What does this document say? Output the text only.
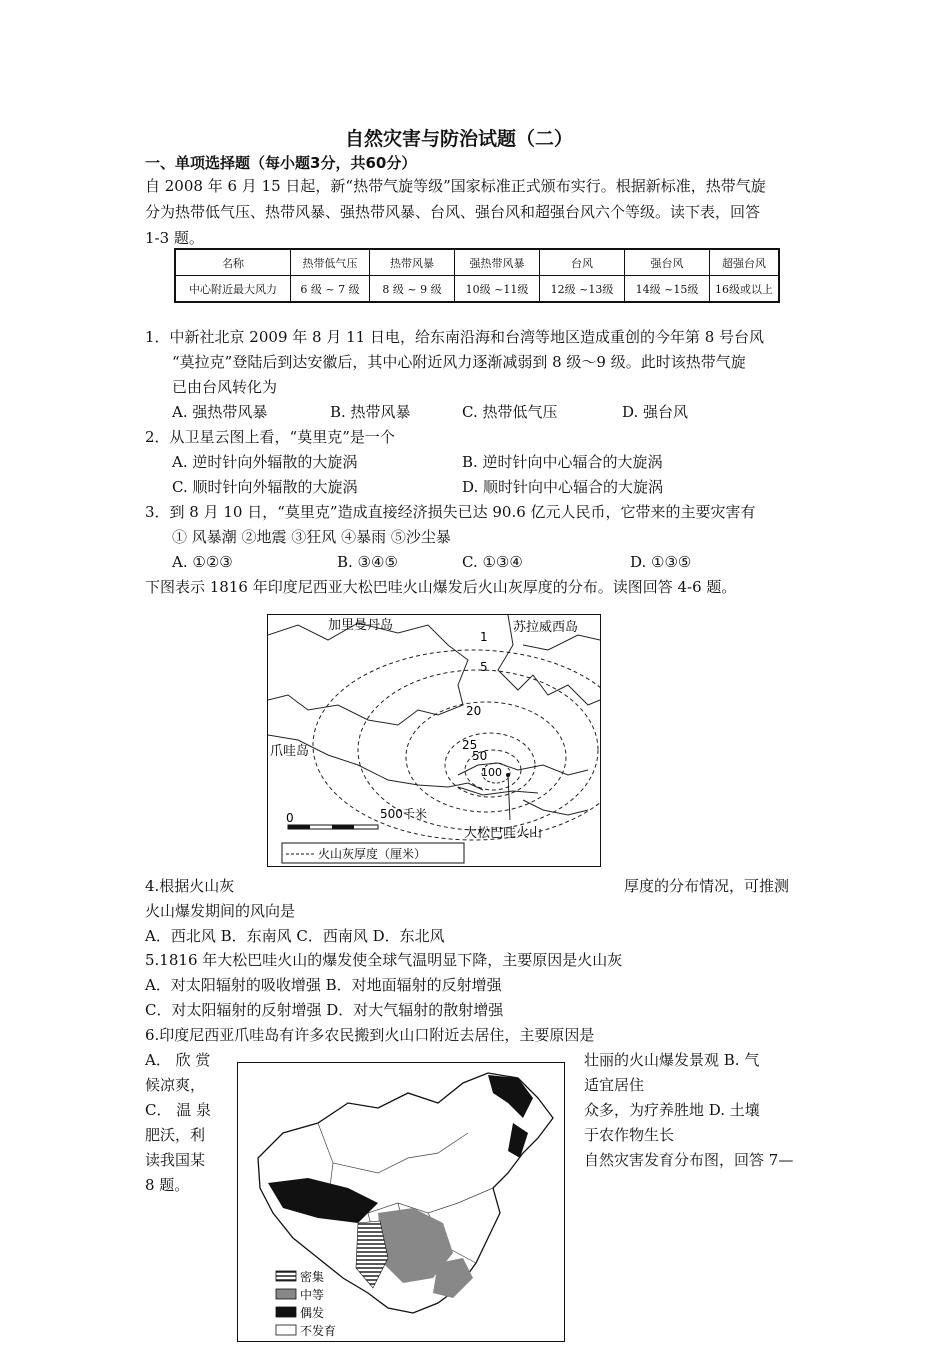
自然灾害与防治试题（二）
一、单项选择题（每小题3分，共60分）
自 2008 年 6 月 15 日起，新“热带气旋等级”国家标准正式颁布实行。根据新标准，热带气旋
分为热带低气压、热带风暴、强热带风暴、台风、强台风和超强台风六个等级。读下表，回答
1-3 题。
名称	热带低气压	热带风暴	强热带风暴	台风	强台风	超强台风
中心附近最大风力	6 级 ~ 7 级	8 级 ~ 9 级	10级 ~11级	12级 ~13级	14级 ~15级	16级或以上
1．中新社北京 2009 年 8 月 11 日电，给东南沿海和台湾等地区造成重创的今年第 8 号台风
“莫拉克”登陆后到达安徽后，其中心附近风力逐渐减弱到 8 级～9 级。此时该热带气旋
已由台风转化为
A. 强热带风暴	B. 热带风暴	C. 热带低气压	D. 强台风
2．从卫星云图上看，“莫里克”是一个
A. 逆时针向外辐散的大旋涡	B. 逆时针向中心辐合的大旋涡
C. 顺时针向外辐散的大旋涡	D. 顺时针向中心辐合的大旋涡
3．到 8 月 10 日，“莫里克”造成直接经济损失已达 90.6 亿元人民币，它带来的主要灾害有
① 风暴潮 ②地震 ③狂风 ④暴雨 ⑤沙尘暴
A. ①②③	B. ③④⑤	C. ①③④	D. ①③⑤
下图表示 1816 年印度尼西亚大松巴哇火山爆发后火山灰厚度的分布。读图回答 4-6 题。
1
5
20
25
50
100
加里曼丹岛	苏拉威西岛
爪哇岛
大松巴哇火山
0	500千米
火山灰厚度（厘米）
4.根据火山灰	厚度的分布情况，可推测
火山爆发期间的风向是
A．西北风 B．东南风 C．西南风 D．东北风
5.1816 年大松巴哇火山的爆发使全球气温明显下降，主要原因是火山灰
A．对太阳辐射的吸收增强 B．对地面辐射的反射增强
C．对太阳辐射的反射增强 D．对大气辐射的散射增强
6.印度尼西亚爪哇岛有许多农民搬到火山口附近去居住，主要原因是
A． 欣 赏	壮丽的火山爆发景观 B. 气
候凉爽，	适宜居住
C． 温 泉	众多，为疗养胜地 D. 土壤
肥沃，利	于农作物生长
读我国某	自然灾害发育分布图，回答 7—
8 题。
密集
中等
偶发
不发育
